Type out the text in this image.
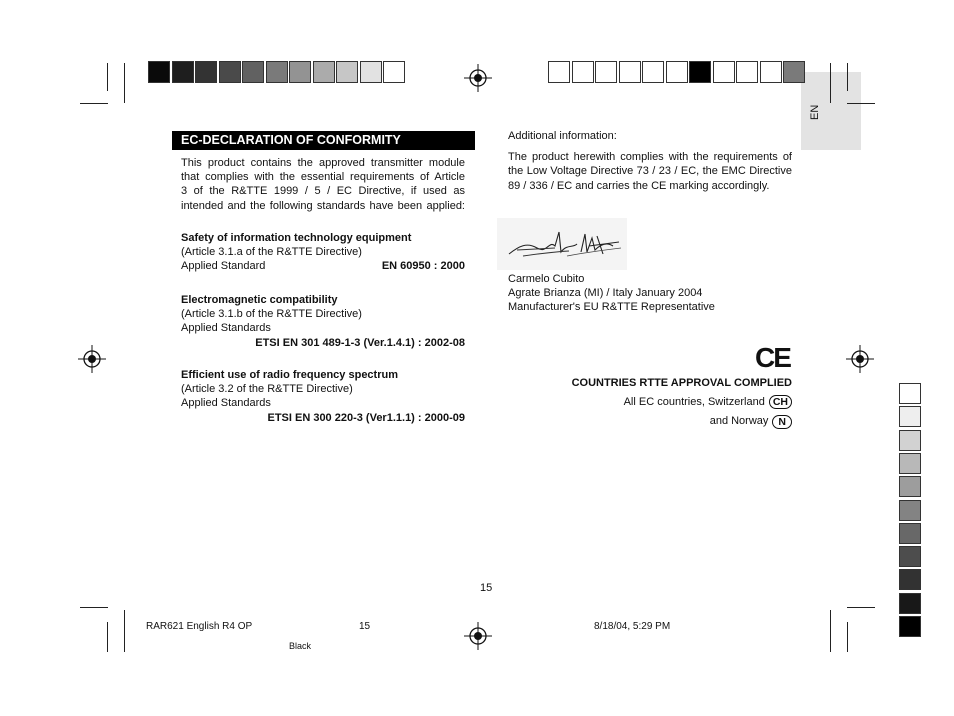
EN
EC-DECLARATION OF CONFORMITY
This product contains the approved transmitter module
that complies with the essential requirements of Article
3 of the R&TTE 1999 / 5 / EC Directive, if used as
intended and the following standards have been applied:
Safety of information technology equipment
(Article 3.1.a of the R&TTE Directive)
Applied Standard	EN 60950 : 2000
Electromagnetic compatibility
(Article 3.1.b of the R&TTE Directive)
Applied Standards
ETSI EN 301 489-1-3 (Ver.1.4.1) : 2002-08
Efficient use of radio frequency spectrum
(Article 3.2 of the R&TTE Directive)
Applied Standards
ETSI EN 300 220-3 (Ver1.1.1) : 2000-09
Additional information:
The product herewith complies with the requirements of
the Low Voltage Directive 73 / 23 / EC, the EMC Directive
89 / 336 / EC and carries the CE marking accordingly.
Carmelo Cubito
Agrate Brianza (MI) / Italy January 2004
Manufacturer's EU R&TTE Representative
CE
COUNTRIES RTTE APPROVAL COMPLIED
All EC countries, Switzerland CH
and Norway N
15
RAR621 English R4 OP	15	8/18/04, 5:29 PM
Black
